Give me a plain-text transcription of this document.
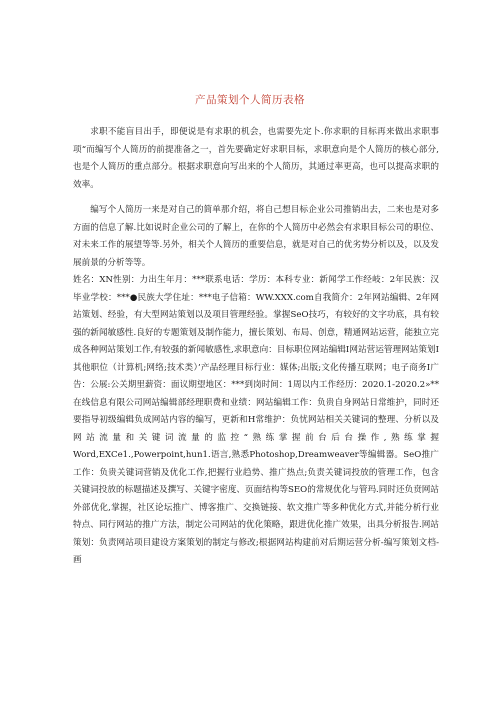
产品策划个人简历表格

求职不能盲目出手，即便说是有求职的机会，也需要先定卜.你求职的目标再来做出求职事项“而编写个人简历的前提准备之一，首先要确定好求职目标，求职意向是个人简历的核心部分,也是个人简历的重点部分。根据求职意向写出来的个人简历，其通过率更高，也可以提高求职的效率。

编写个人简历一来是对自己的简单那介绍，将自己想目标企业公司推销出去，二来也是对多方面的信息了解.比如说时企业公司的了解上，在你的个人简历中必然会有求职目标公司的职位、对未来工作的展望等等.另外，相关个人简历的重要信息，就是对自己的优劣势分析以及，以及发展前景的分析等等。

姓名：XN性别：力出生年月：***联系电话：学历：本科专业：新闻学工作经岐：2年民族：汉毕业学校：***●民族大学住址：***电子信箱：WW.XXX.com自我简介：2年网站编辑、2年网站策划、经验，有大型网站策划以及项目管理经验。掌握SeO技巧，有较好的文字功底，具有较强的新闻敏感性.良好的专题策划及制作能力，擅长策划、布局、创意，精通网站运营，能独立完成各种网站策划工作,有较强的新闻敏感性,求职意向：目标职位网站编辑I网站营运管理网站策划I其他职位（计算机;网络;技术类）’产品经理目标行业：媒体;出版;文化传播互联网；电子商务I广告：公展:公关期里薪资：面议期望地区：***到岗时间：1周以内工作经历：2020.1-2020.2»**在线信息有限公司网站编辑部经理职费和业绩：网站编辑工作：负贵自身网站日常维护，同时还要指导初级编辑负成网站内容的编写，更新和H常维护：负忧网站相关关键词的整理、分析以及网站流量和关键词流量的监控“熟练掌握前台后台操作,熟练掌握Word,EXCe1.,Powerpoint,hun1.语言,熟悉Photoshop,Dreamweaver等编辑器。SeO推广工作：负贵关键词营销及优化工作,把握行业趋势、推广热点;负责关键词投放的管理工作，包含关键词投放的标题描述及撰写、关键字密度、页面结构等SEO的常规优化与管玛.同时还负贲网站外部优化,掌握，社区论坛推广、博客推广、交换链接、软文推广等多种优化方式,并能分析行业特点、同行网站的推广方法，制定公司网站的优化策略，跟进优化推广效果，出具分析报告.网站策划：负责网站项目建设方案策划的制定与修改;根据网站构建前对后期运营分析-编写策划文档-画
